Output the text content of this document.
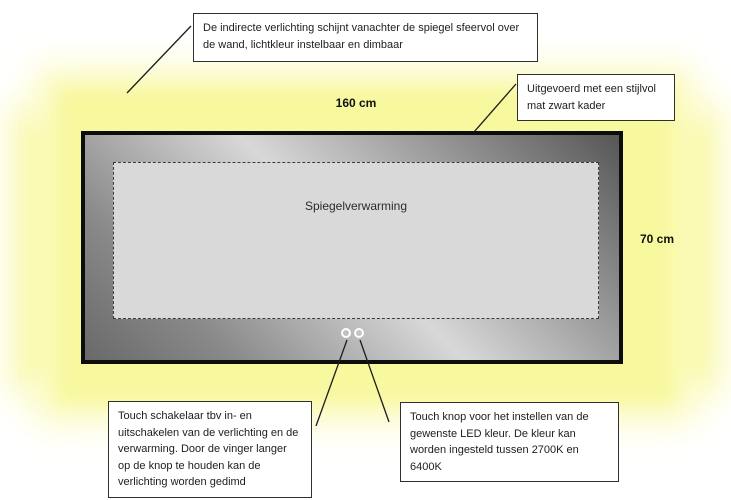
Spiegelverwarming
De indirecte verlichting schijnt vanachter de spiegel sfeervol over de wand, lichtkleur instelbaar en dimbaar
Uitgevoerd met een stijlvol mat zwart kader
Touch schakelaar tbv in- en uitschakelen van de verlichting en de verwarming. Door de vinger langer op de knop te houden kan de verlichting worden gedimd
Touch knop voor het instellen van de gewenste LED kleur. De kleur kan worden ingesteld tussen 2700K en 6400K
160 cm
70 cm
